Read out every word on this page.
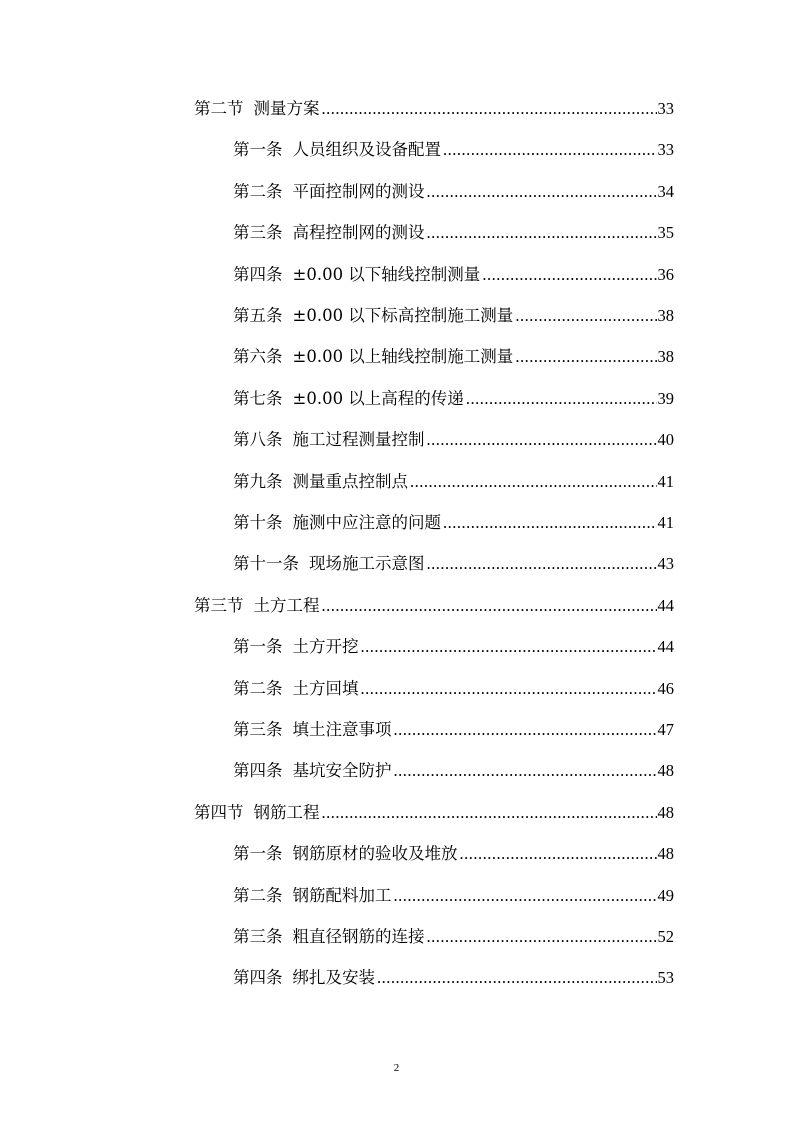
第二节 测量方案 .....	33
第一条 人员组织及设备配置 .....	33
第二条 平面控制网的测设 .....	34
第三条 高程控制网的测设 .....	35
第四条 ±0.00 以下轴线控制测量 .....	36
第五条 ±0.00 以下标高控制施工测量 .....	38
第六条 ±0.00 以上轴线控制施工测量 .....	38
第七条 ±0.00 以上高程的传递 .....	39
第八条 施工过程测量控制 .....	40
第九条 测量重点控制点 .....	41
第十条 施测中应注意的问题 .....	41
第十一条 现场施工示意图 .....	43
第三节 土方工程 .....	44
第一条 土方开挖 .....	44
第二条 土方回填 .....	46
第三条 填土注意事项 .....	47
第四条 基坑安全防护 .....	48
第四节 钢筋工程 .....	48
第一条 钢筋原材的验收及堆放 .....	48
第二条 钢筋配料加工 .....	49
第三条 粗直径钢筋的连接 .....	52
第四条 绑扎及安装 .....	53
2
